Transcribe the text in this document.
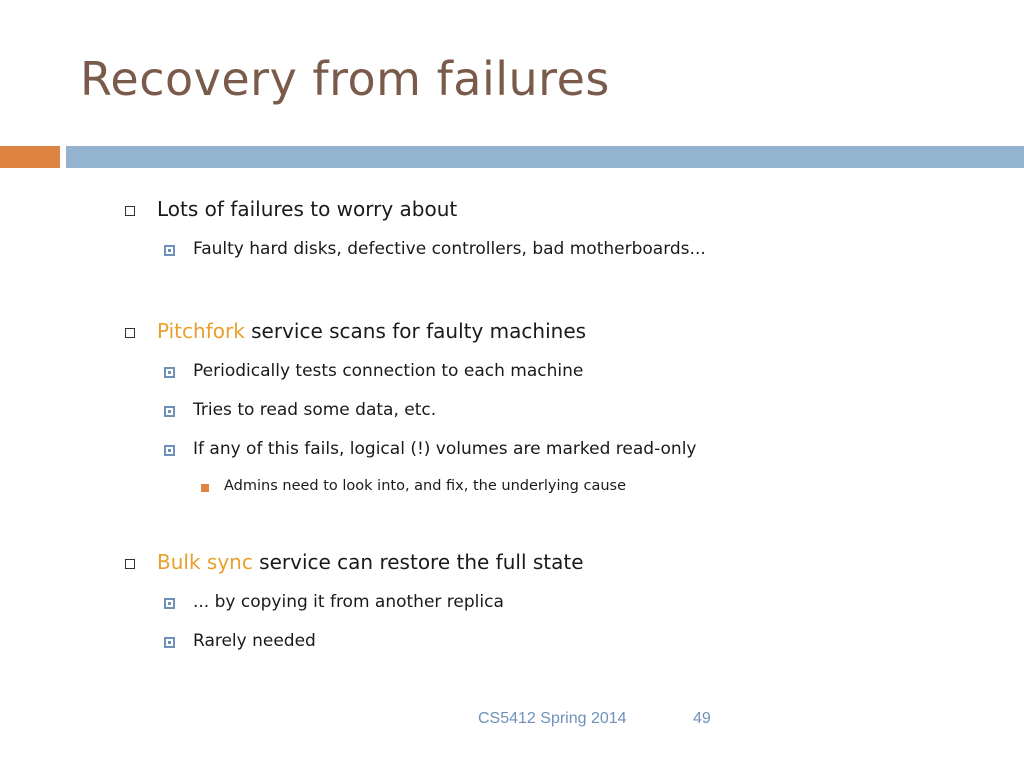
Recovery from failures
Lots of failures to worry about
Faulty hard disks, defective controllers, bad motherboards...
Pitchfork service scans for faulty machines
Periodically tests connection to each machine
Tries to read some data, etc.
If any of this fails, logical (!) volumes are marked read-only
Admins need to look into, and fix, the underlying cause
Bulk sync service can restore the full state
... by copying it from another replica
Rarely needed
CS5412 Spring 2014	49
